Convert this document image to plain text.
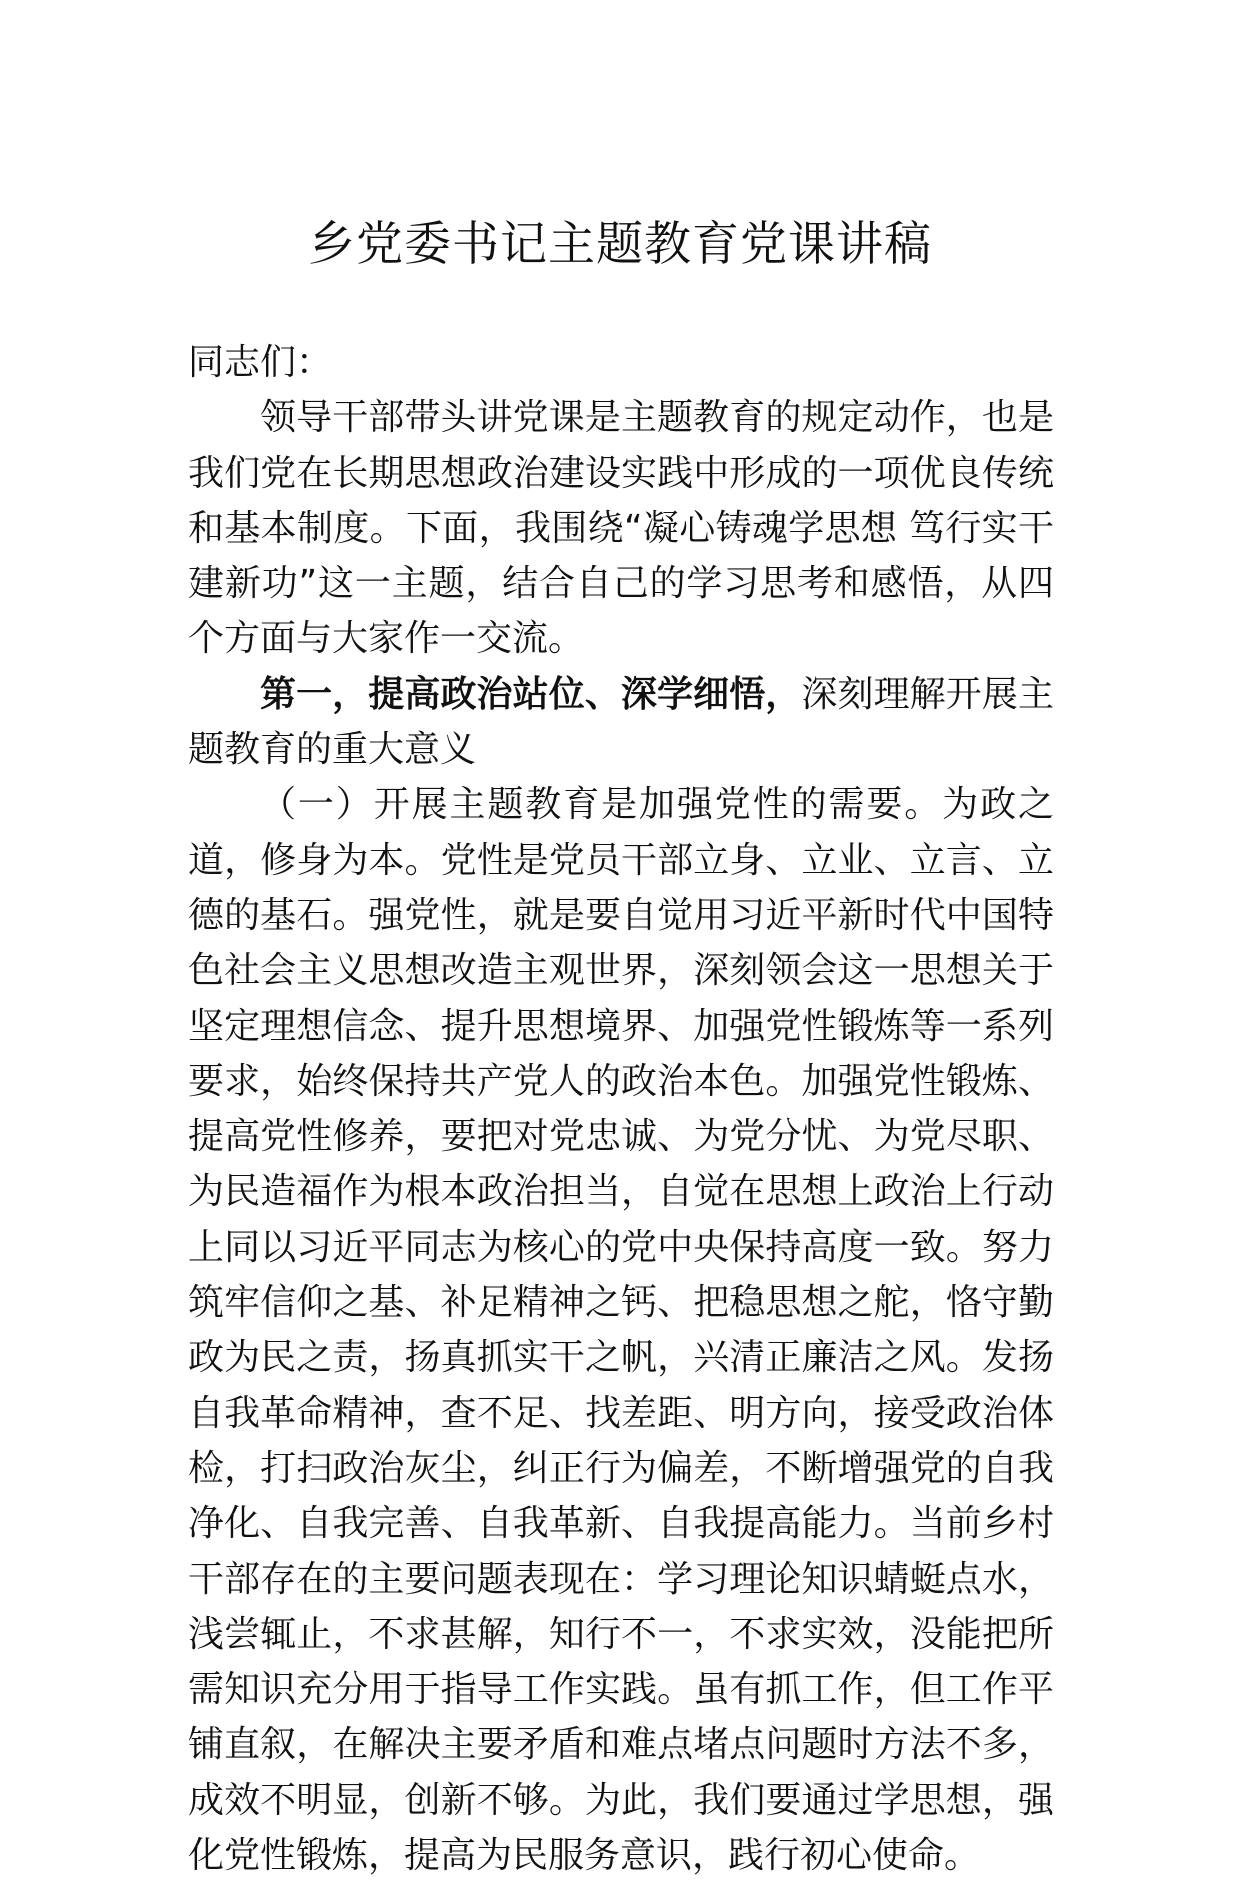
乡党委书记主题教育党课讲稿

同志们：

领导干部带头讲党课是主题教育的规定动作，也是我们党在长期思想政治建设实践中形成的一项优良传统和基本制度。下面，我围绕“凝心铸魂学思想 笃行实干建新功”这一主题，结合自己的学习思考和感悟，从四个方面与大家作一交流。

第一，提高政治站位、深学细悟，深刻理解开展主题教育的重大意义

（一）开展主题教育是加强党性的需要。为政之道，修身为本。党性是党员干部立身、立业、立言、立德的基石。强党性，就是要自觉用习近平新时代中国特色社会主义思想改造主观世界，深刻领会这一思想关于坚定理想信念、提升思想境界、加强党性锻炼等一系列要求，始终保持共产党人的政治本色。加强党性锻炼、提高党性修养，要把对党忠诚、为党分忧、为党尽职、为民造福作为根本政治担当，自觉在思想上政治上行动上同以习近平同志为核心的党中央保持高度一致。努力筑牢信仰之基、补足精神之钙、把稳思想之舵，恪守勤政为民之责，扬真抓实干之帆，兴清正廉洁之风。发扬自我革命精神，查不足、找差距、明方向，接受政治体检，打扫政治灰尘，纠正行为偏差，不断增强党的自我净化、自我完善、自我革新、自我提高能力。当前乡村干部存在的主要问题表现在：学习理论知识蜻蜓点水，浅尝辄止，不求甚解，知行不一，不求实效，没能把所需知识充分用于指导工作实践。虽有抓工作，但工作平铺直叙，在解决主要矛盾和难点堵点问题时方法不多，成效不明显，创新不够。为此，我们要通过学思想，强化党性锻炼，提高为民服务意识，践行初心使命。
